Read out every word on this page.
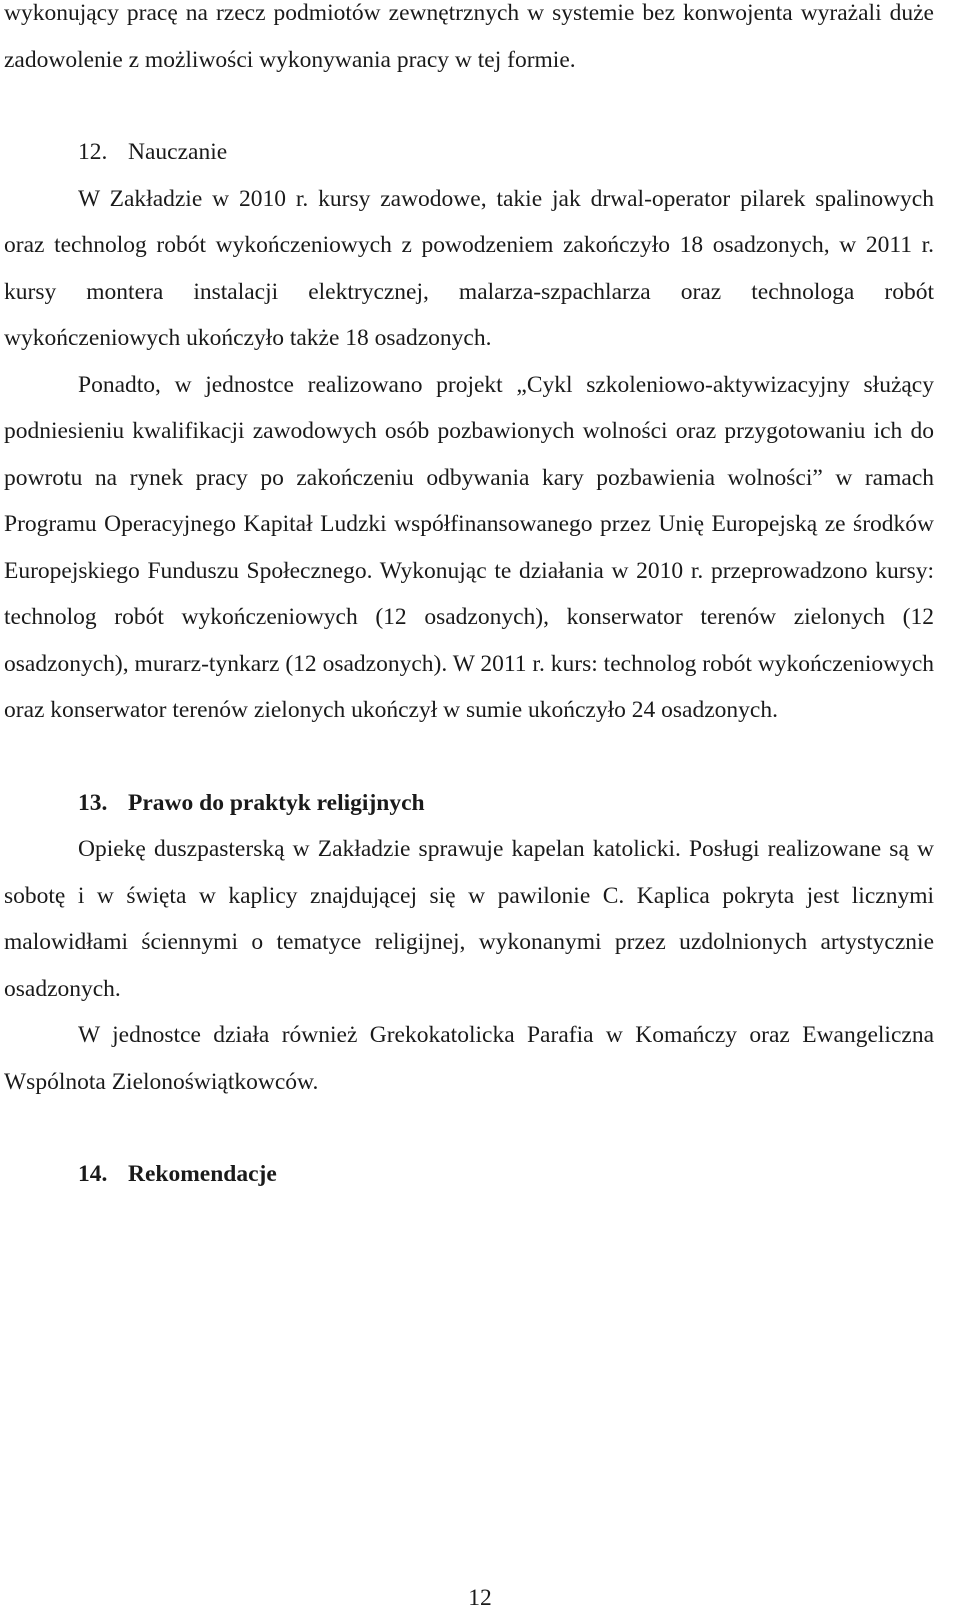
wykonujący pracę na rzecz podmiotów zewnętrznych w systemie bez konwojenta wyrażali duże zadowolenie z możliwości wykonywania pracy w tej formie.

12. Nauczanie

W Zakładzie w 2010 r. kursy zawodowe, takie jak drwal-operator pilarek spalinowych oraz technolog robót wykończeniowych z powodzeniem zakończyło 18 osadzonych, w 2011 r. kursy montera instalacji elektrycznej, malarza-szpachlarza oraz technologa robót wykończeniowych ukończyło także 18 osadzonych.

Ponadto, w jednostce realizowano projekt „Cykl szkoleniowo-aktywizacyjny służący podniesieniu kwalifikacji zawodowych osób pozbawionych wolności oraz przygotowaniu ich do powrotu na rynek pracy po zakończeniu odbywania kary pozbawienia wolności” w ramach Programu Operacyjnego Kapitał Ludzki współfinansowanego przez Unię Europejską ze środków Europejskiego Funduszu Społecznego. Wykonując te działania w 2010 r. przeprowadzono kursy: technolog robót wykończeniowych (12 osadzonych), konserwator terenów zielonych (12 osadzonych), murarz-tynkarz (12 osadzonych). W 2011 r. kurs: technolog robót wykończeniowych oraz konserwator terenów zielonych ukończył w sumie ukończyło 24 osadzonych.

13. Prawo do praktyk religijnych

Opiekę duszpasterską w Zakładzie sprawuje kapelan katolicki. Posługi realizowane są w sobotę i w święta w kaplicy znajdującej się w pawilonie C. Kaplica pokryta jest licznymi malowidłami ściennymi o tematyce religijnej, wykonanymi przez uzdolnionych artystycznie osadzonych.

W jednostce działa również Grekokatolicka Parafia w Komańczy oraz Ewangeliczna Wspólnota Zielonoświątkowców.

14. Rekomendacje
12
